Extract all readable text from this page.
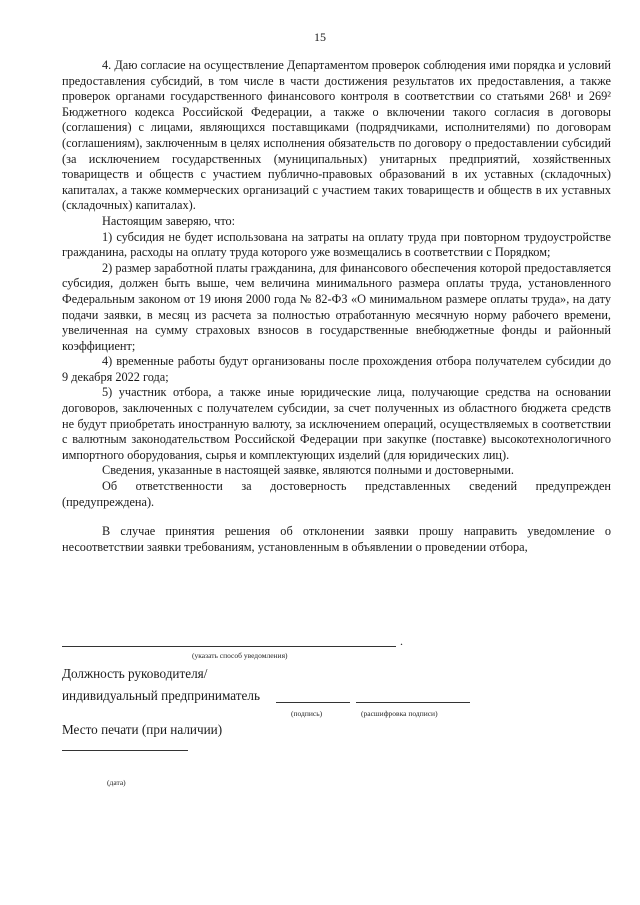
15

4. Даю согласие на осуществление Департаментом проверок соблюдения ими порядка и условий предоставления субсидий, в том числе в части достижения результатов их предоставления, а также проверок органами государственного финансового контроля в соответствии со статьями 268¹ и 269² Бюджетного кодекса Российской Федерации, а также о включении такого согласия в договоры (соглашения) с лицами, являющихся поставщиками (подрядчиками, исполнителями) по договорам (соглашениям), заключенным в целях исполнения обязательств по договору о предоставлении субсидий (за исключением государственных (муниципальных) унитарных предприятий, хозяйственных товариществ и обществ с участием публично-правовых образований в их уставных (складочных) капиталах, а также коммерческих организаций с участием таких товариществ и обществ в их уставных (складочных) капиталах).

Настоящим заверяю, что:

1) субсидия не будет использована на затраты на оплату труда при повторном трудоустройстве гражданина, расходы на оплату труда которого уже возмещались в соответствии с Порядком;

2) размер заработной платы гражданина, для финансового обеспечения которой предоставляется субсидия, должен быть выше, чем величина минимального размера оплаты труда, установленного Федеральным законом от 19 июня 2000 года № 82-ФЗ «О минимальном размере оплаты труда», на дату подачи заявки, в месяц из расчета за полностью отработанную месячную норму рабочего времени, увеличенная на сумму страховых взносов в государственные внебюджетные фонды и районный коэффициент;

4) временные работы будут организованы после прохождения отбора получателем субсидии до 9 декабря 2022 года;

5) участник отбора, а также иные юридические лица, получающие средства на основании договоров, заключенных с получателем субсидии, за счет полученных из областного бюджета средств не будут приобретать иностранную валюту, за исключением операций, осуществляемых в соответствии с валютным законодательством Российской Федерации при закупке (поставке) высокотехнологичного импортного оборудования, сырья и комплектующих изделий (для юридических лиц).

Сведения, указанные в настоящей заявке, являются полными и достоверными.

Об ответственности за достоверность представленных сведений предупрежден (предупреждена).

В случае принятия решения об отклонении заявки прошу направить уведомление о несоответствии заявки требованиям, установленным в объявлении о проведении отбора,

.
(указать способ уведомления)
Должность руководителя/
индивидуальный предприниматель
(подпись)	(расшифровка подписи)
Место печати (при наличии)
(дата)
